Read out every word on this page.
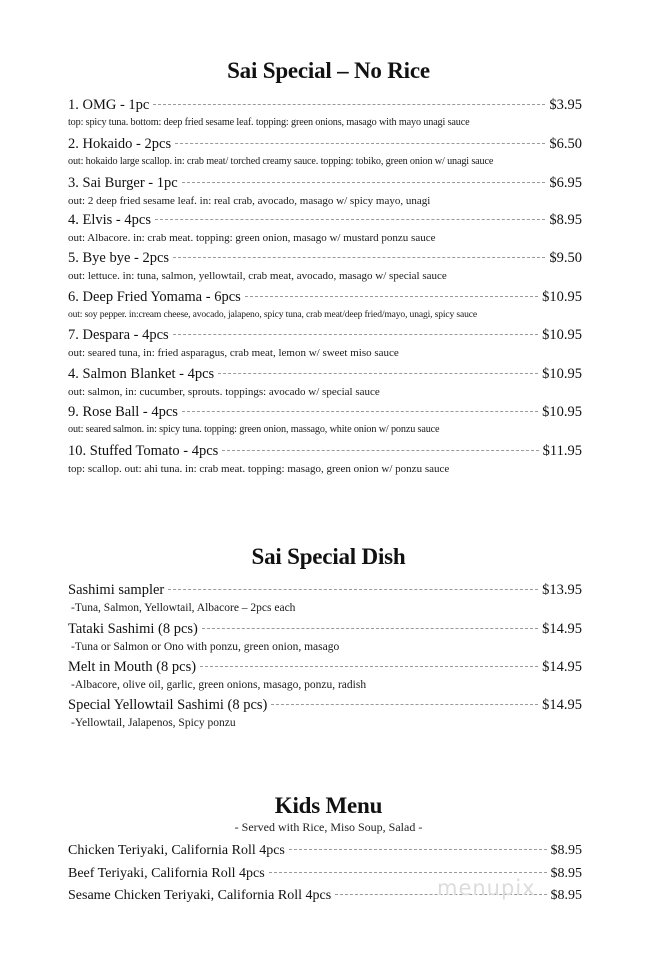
Sai Special – No Rice
1. OMG - 1pc	$3.95
top: spicy tuna. bottom: deep fried sesame leaf. topping: green onions, masago with mayo unagi sauce
2. Hokaido - 2pcs	$6.50
out: hokaido large scallop. in: crab meat/ torched creamy sauce. topping: tobiko, green onion w/ unagi sauce
3. Sai Burger - 1pc	$6.95
out: 2 deep fried sesame leaf. in: real crab, avocado, masago w/ spicy mayo, unagi
4. Elvis - 4pcs	$8.95
out: Albacore. in: crab meat. topping: green onion, masago w/ mustard ponzu sauce
5. Bye bye - 2pcs	$9.50
out: lettuce. in: tuna, salmon, yellowtail, crab meat, avocado, masago w/ special sauce
6. Deep Fried Yomama - 6pcs	$10.95
out: soy pepper. in:cream cheese, avocado, jalapeno, spicy tuna, crab meat/deep fried/mayo, unagi, spicy sauce
7. Despara - 4pcs	$10.95
out: seared tuna, in: fried asparagus, crab meat, lemon w/ sweet miso sauce
4. Salmon Blanket - 4pcs	$10.95
out: salmon, in: cucumber, sprouts. toppings: avocado w/ special sauce
9. Rose Ball - 4pcs	$10.95
out: seared salmon. in: spicy tuna. topping: green onion, massago, white onion w/ ponzu sauce
10. Stuffed Tomato - 4pcs	$11.95
top: scallop. out: ahi tuna. in: crab meat. topping: masago, green onion w/ ponzu sauce
Sai Special Dish
Sashimi sampler	$13.95
-Tuna, Salmon, Yellowtail, Albacore – 2pcs each
Tataki Sashimi (8 pcs)	$14.95
-Tuna or Salmon or Ono with ponzu, green onion, masago
Melt in Mouth (8 pcs)	$14.95
-Albacore, olive oil, garlic, green onions, masago, ponzu, radish
Special Yellowtail Sashimi (8 pcs)	$14.95
-Yellowtail, Jalapenos, Spicy ponzu
Kids Menu
- Served with Rice, Miso Soup, Salad -
Chicken Teriyaki, California Roll 4pcs	$8.95
Beef Teriyaki, California Roll 4pcs	$8.95
Sesame Chicken Teriyaki, California Roll 4pcs	$8.95
menupix
